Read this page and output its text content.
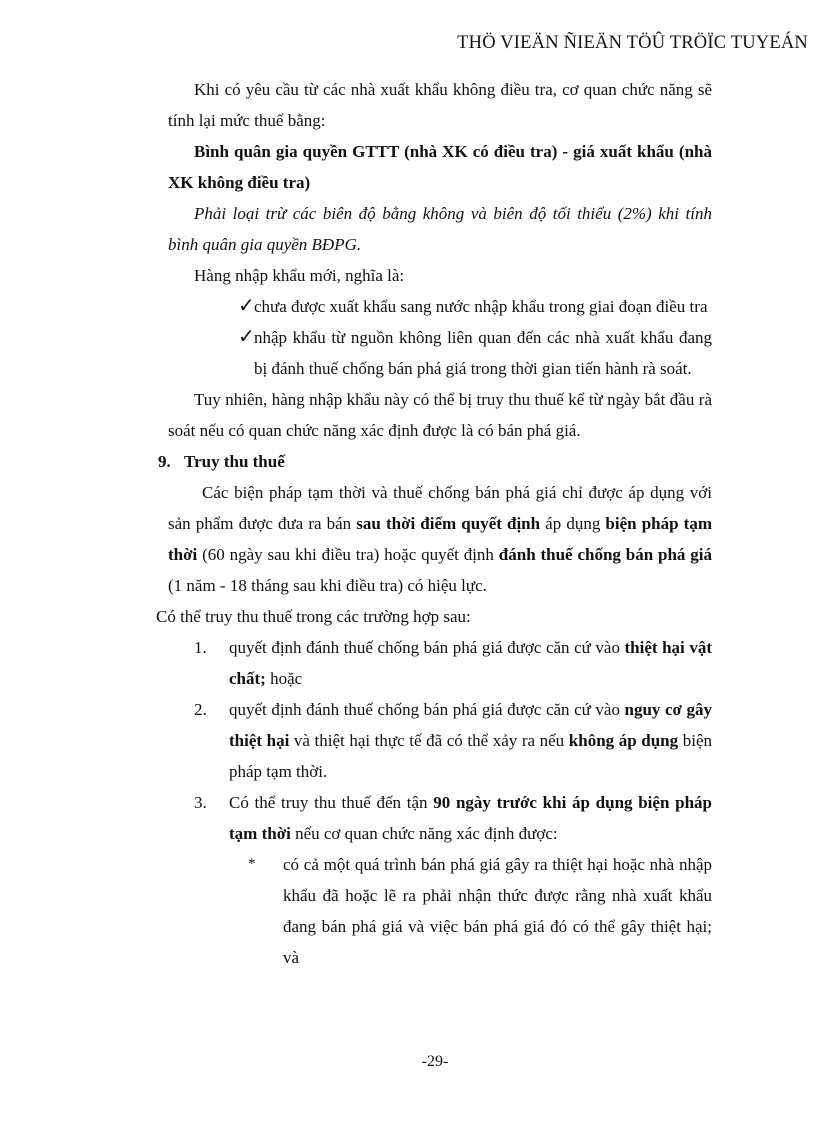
THÖ VIEÄN ÑIEÄN TÖÛ TRÖÏC TUYEÁN

Khi có yêu cầu từ các nhà xuất khẩu không điều tra, cơ quan chức năng sẽ tính lại mức thuế bằng:

Bình quân gia quyền GTTT (nhà XK có điều tra) - giá xuất khẩu (nhà XK không điều tra)

Phải loại trừ các biên độ bằng không và biên độ tối thiểu (2%) khi tính bình quân gia quyền BĐPG.

Hàng nhập khẩu mới, nghĩa là:

✓ chưa được xuất khẩu sang nước nhập khẩu trong giai đoạn điều tra
✓ nhập khẩu từ nguồn không liên quan đến các nhà xuất khẩu đang bị đánh thuế chống bán phá giá trong thời gian tiến hành rà soát.

Tuy nhiên, hàng nhập khẩu này có thể bị truy thu thuế kể từ ngày bắt đầu rà soát nếu có quan chức năng xác định được là có bán phá giá.

9. Truy thu thuế

Các biện pháp tạm thời và thuế chống bán phá giá chỉ được áp dụng với sản phẩm được đưa ra bán sau thời điểm quyết định áp dụng biện pháp tạm thời (60 ngày sau khi điều tra) hoặc quyết định đánh thuế chống bán phá giá (1 năm - 18 tháng sau khi điều tra) có hiệu lực.

Có thể truy thu thuế trong các trường hợp sau:

1. quyết định đánh thuế chống bán phá giá được căn cứ vào thiệt hại vật chất; hoặc
2. quyết định đánh thuế chống bán phá giá được căn cứ vào nguy cơ gây thiệt hại và thiệt hại thực tế đã có thể xảy ra nếu không áp dụng biện pháp tạm thời.
3. Có thể truy thu thuế đến tận 90 ngày trước khi áp dụng biện pháp tạm thời nếu cơ quan chức năng xác định được:
* có cả một quá trình bán phá giá gây ra thiệt hại hoặc nhà nhập khẩu đã hoặc lẽ ra phải nhận thức được rằng nhà xuất khẩu đang bán phá giá và việc bán phá giá đó có thể gây thiệt hại; và
-29-
